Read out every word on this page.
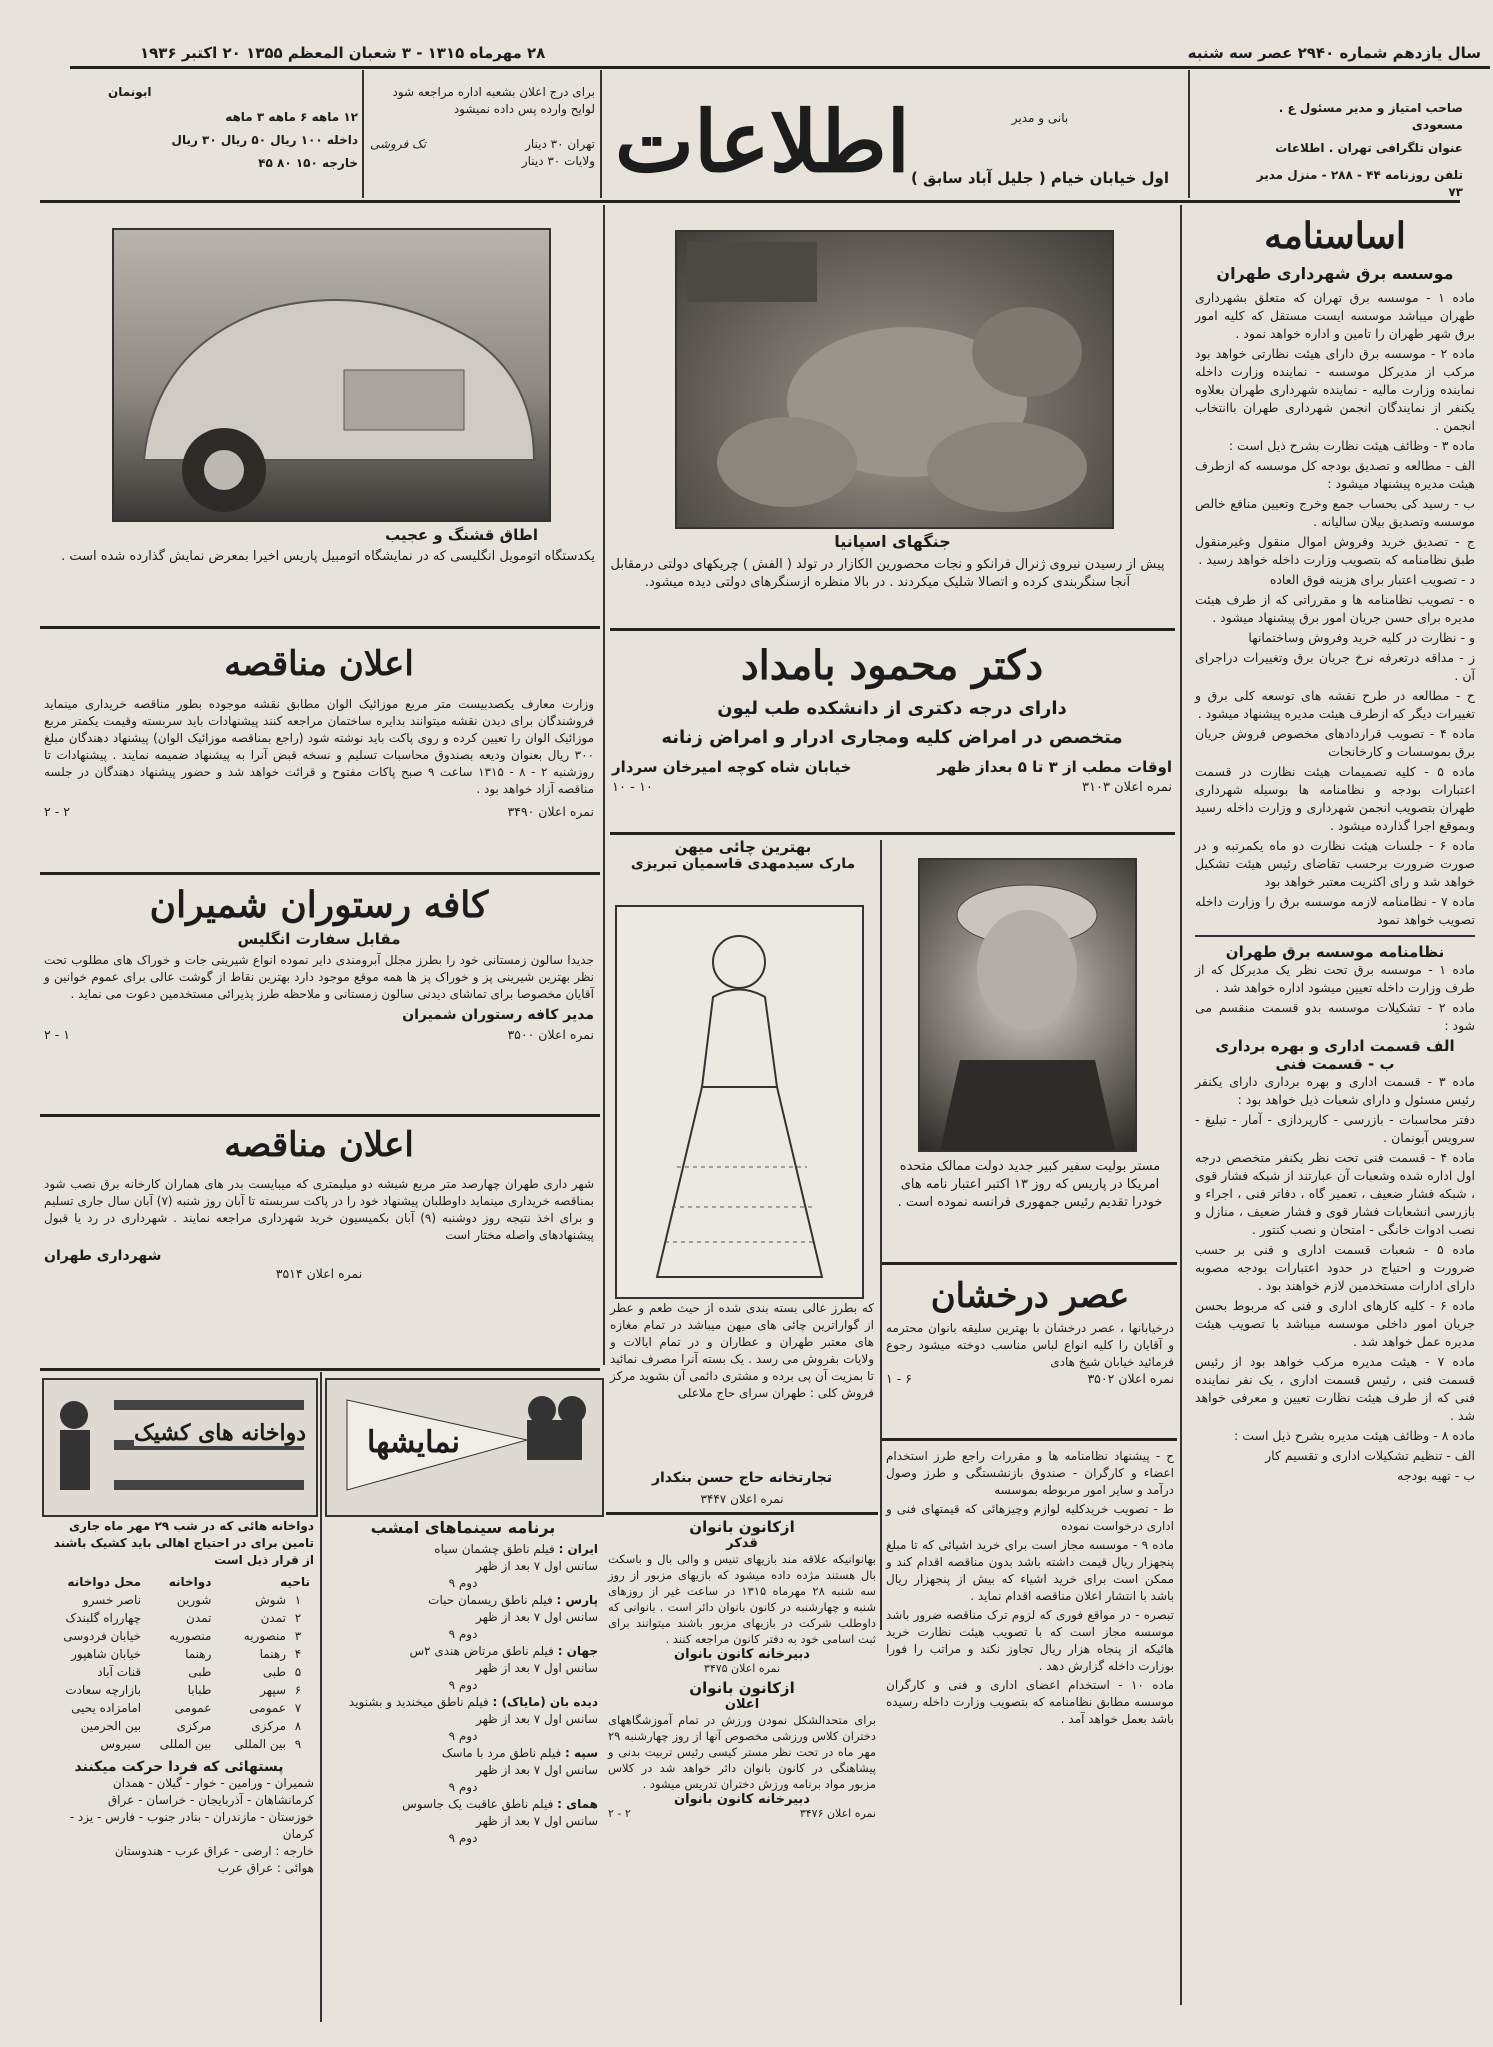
سال یازدهم شماره ۲۹۴۰ عصر سه شنبه
۲۸ مهرماه ۱۳۱۵ - ۳ شعبان المعظم ۱۳۵۵ ۲۰ اکتبر ۱۹۳۶
صاحب امتیاز و مدیر مسئول ع . مسعودی
عنوان تلگرافی تهران . اطلاعات
تلفن روزنامه ۴۴ - ۲۸۸ - منزل مدیر ۷۳
بانی و مدیر
اول خیابان خیام ( جلیل آباد سابق )
اطلاعات
برای درج اعلان بشعبه اداره مراجعه شود
لوایح وارده پس داده نمیشود
تهران ۳۰ دینار
ولایات ۳۰ دینار
تک فروشی
ابونمان
۱۲ ماهه ۶ ماهه ۳ ماهه
داخله ۱۰۰ ریال ۵۰ ریال ۳۰ ریال
خارجه ۱۵۰ ۸۰ ۴۵
اساسنامه
موسسه برق شهرداری طهران

ماده ۱ - موسسه برق تهران که متعلق بشهرداری طهران میباشد موسسه ایست مستقل که کلیه امور برق شهر طهران را تامین و اداره خواهد نمود .

ماده ۲ - موسسه برق دارای هیئت نظارتی خواهد بود مرکب از مدیرکل موسسه - نماینده وزارت داخله نماینده وزارت مالیه - نماینده شهرداری طهران بعلاوه یکنفر از نمایندگان انجمن شهرداری طهران باانتخاب انجمن .

ماده ۳ - وظائف هیئت نظارت بشرح ذیل است :

الف - مطالعه و تصدیق بودجه کل موسسه که ازطرف هیئت مدیره پیشنهاد میشود :

ب - رسید کی بحساب جمع وخرج وتعیین منافع خالص موسسه وتصدیق بیلان سالیانه .

ج - تصدیق خرید وفروش اموال منقول وغیرمنقول طبق نظامنامه که بتصویب وزارت داخله خواهد رسید .

د - تصویب اعتبار برای هزینه فوق العاده

ه - تصویب نظامنامه ها و مقرراتی که از طرف هیئت مدیره برای حسن جریان امور برق پیشنهاد میشود .

و - نظارت در کلیه خرید وفروش وساختمانها

ز - مداقه درتعرفه نرخ جریان برق وتغییرات دراجرای آن .

ح - مطالعه در طرح نقشه های توسعه کلی برق و تغییرات دیگر که ازطرف هیئت مدیره پیشنهاد میشود .

ماده ۴ - تصویب قراردادهای مخصوص فروش جریان برق بموسسات و کارخانجات

ماده ۵ - کلیه تصمیمات هیئت نظارت در قسمت اعتبارات بودجه و نظامنامه ها بوسیله شهرداری طهران بتصویب انجمن شهرداری و وزارت داخله رسید وبموقع اجرا گذارده میشود .

ماده ۶ - جلسات هیئت نظارت دو ماه یکمرتبه و در صورت ضرورت برحسب تقاضای رئیس هیئت تشکیل خواهد شد و رای اکثریت معتبر خواهد بود

ماده ۷ - نظامنامه لازمه موسسه برق را وزارت داخله تصویب خواهد نمود

نظامنامه موسسه برق طهران

ماده ۱ - موسسه برق تحت نظر یک مدیرکل که از طرف وزارت داخله تعیین میشود اداره خواهد شد .

ماده ۲ - تشکیلات موسسه بدو قسمت منقسم می شود :

الف قسمت اداری و بهره برداری
ب - قسمت فنی

ماده ۳ - قسمت اداری و بهره برداری دارای یکنفر رئیس مسئول و دارای شعبات ذیل خواهد بود :

دفتر محاسبات - بازرسی - کارپردازی - آمار - تبلیغ - سرویس آبونمان .

ماده ۴ - قسمت فنی تحت نظر یکنفر متخصص درجه اول اداره شده وشعبات آن عبارتند از شبکه فشار قوی ، شبکه فشار ضعیف ، تعمیر گاه ، دفاتر فنی ، اجراء و بازرسی انشعابات فشار قوی و فشار ضعیف ، منازل و نصب ادوات خانگی - امتحان و نصب کنتور .

ماده ۵ - شعبات قسمت اداری و فنی بر حسب ضرورت و احتیاج در حدود اعتبارات بودجه مصوبه دارای ادارات مستخدمین لازم خواهند بود .

ماده ۶ - کلیه کارهای اداری و فنی که مربوط بحسن جریان امور داخلی موسسه میباشد با تصویب هیئت مدیره عمل خواهد شد .

ماده ۷ - هیئت مدیره مرکب خواهد بود از رئیس قسمت فنی ، رئیس قسمت اداری ، یک نفر نماینده فنی که از طرف هیئت نظارت تعیین و معرفی خواهد شد .

ماده ۸ - وظائف هیئت مدیره بشرح ذیل است :

الف - تنظیم تشکیلات اداری و تقسیم کار

ب - تهیه بودجه

جنگهای اسپانیا
پیش از رسیدن نیروی ژنرال فرانکو و نجات محصورین الکازار در تولد ( الفش ) چریکهای دولتی درمقابل آنجا سنگربندی کرده و اتصالا شلیک میکردند . در بالا منظره ازسنگرهای دولتی دیده میشود.
اطاق قشنگ و عجیب
یکدستگاه اتومویل انگلیسی که در نمایشگاه اتومبیل پاریس اخیرا بمعرض نمایش گذارده شده است .
دکتر محمود بامداد
دارای درجه دکتری از دانشکده طب لیون
متخصص در امراض کلیه ومجاری ادرار و امراض زنانه
اوقات مطب از ۳ تا ۵ بعداز ظهر
خیابان شاه کوچه امیرخان سردار
نمره اعلان ۳۱۰۳
۱۰ - ۱۰
اعلان مناقصه
وزارت معارف یکصدبیست متر مربع موزائیک الوان مطابق نقشه موجوده بطور مناقصه خریداری مینماید فروشندگان برای دیدن نقشه میتوانند بدایره ساختمان مراجعه کنند پیشنهادات باید سربسته وقیمت یکمتر مربع موزائیک الوان را تعیین کرده و روی پاکت باید نوشته شود (راجع بمناقصه موزائیک الوان) پیشنهاد دهندگان مبلغ ۳۰۰ ریال بعنوان ودیعه بصندوق محاسبات تسلیم و نسخه قبض آنرا به پیشنهاد ضمیمه نمایند . پیشنهادات تا روزشنبه ۲ - ۸ - ۱۳۱۵ ساعت ۹ صبح پاکات مفتوح و قرائت خواهد شد و حضور پیشنهاد دهندگان در جلسه مناقصه آزاد خواهد بود .
نمره اعلان ۳۴۹۰
۲ - ۲
کافه رستوران شمیران
مقابل سفارت انگلیس
جدیدا سالون زمستانی خود را بطرز مجلل آبرومندی دایر نموده انواع شیرینی جات و خوراک های مطلوب تحت نظر بهترین شیرینی پز و خوراک پز ها همه موقع موجود دارد بهترین نقاط از گوشت عالی برای عموم خوانین و آقایان مخصوصا برای تماشای دیدنی سالون زمستانی و ملاحظه طرز پذیرائی مستخدمین دعوت می نماید .
مدیر کافه رستوران شمیران
نمره اعلان ۳۵۰۰
۱ - ۲
اعلان مناقصه
شهر داری طهران چهارصد متر مربع شیشه دو میلیمتری که میبایست بدر های هماران کارخانه برق نصب شود بمناقصه خریداری مینماید داوطلبان پیشنهاد خود را در پاکت سربسته تا آبان روز شنبه (۷) آبان سال جاری تسلیم و برای اخذ نتیجه روز دوشنبه (۹) آبان بکمیسیون خرید شهرداری مراجعه نمایند . شهرداری در رد یا قبول پیشنهادهای واصله مختار است
شهرداری طهران
نمره اعلان ۳۵۱۴
بهترین چائی میهن
مارک سیدمهدی قاسمیان تبریزی
که بطرز عالی بسته بندی شده از حیث طعم و عطر از گواراترین چائی های میهن میباشد در تمام مغازه های معتبر طهران و عطاران و در تمام ایالات و ولایات بفروش می رسد . یک بسته آنرا مصرف نمائید تا بمزیت آن پی برده و مشتری دائمی آن بشوید مرکز فروش کلی : طهران سرای حاج ملاعلی
تجارتخانه حاج حسن بنکدار
نمره اعلان ۳۴۴۷
مستر بولیت سفیر کبیر جدید دولت ممالک متحده امریکا در پاریس که روز ۱۳ اکتبر اعتبار نامه های خودرا تقدیم رئیس جمهوری فرانسه نموده است .
عصر درخشان
درخیابانها ، عصر درخشان با بهترین سلیقه بانوان محترمه و آقایان را کلیه انواع لباس مناسب دوخته میشود رجوع فرمائید خیابان شیخ هادی
نمره اعلان ۳۵۰۲
۶ - ۱

ح - پیشنهاد نظامنامه ها و مقررات راجع طرز استخدام اعضاء و کارگران - صندوق بازنشستگی و طرز وصول درآمد و سایر امور مربوطه بموسسه

ط - تصویب خریدکلیه لوازم وچیزهائی که قیمتهای فنی و اداری درخواست نموده

ماده ۹ - موسسه مجاز است برای خرید اشیائی که تا مبلغ پنجهزار ریال قیمت داشته باشد بدون مناقصه اقدام کند و ممکن است برای خرید اشیاء که بیش از پنجهزار ریال باشد با انتشار اعلان مناقصه اقدام نماید .

تبصره - در مواقع فوری که لزوم ترک مناقصه ضرور باشد موسسه مجاز است که با تصویب هیئت نظارت خرید هائیکه از پنجاه هزار ریال تجاوز نکند و مراتب را فورا بوزارت داخله گزارش دهد .

ماده ۱۰ - استخدام اعضای اداری و فنی و کارگران موسسه مطابق نظامنامه که بتصویب وزارت داخله رسیده باشد بعمل خواهد آمد .

ازکانون بانوان
قدکر
بهانوانیکه علاقه مند بازیهای تنیس و والی بال و باسکت بال هستند مژده داده میشود که بازیهای مزبور از روز سه شنبه ۲۸ مهرماه ۱۳۱۵ در ساعت غیر از روزهای شنبه و چهارشنبه در کانون بانوان دائر است . بانوانی که داوطلب شرکت در بازیهای مزبور باشند میتوانند برای ثبت اسامی خود به دفتر کانون مراجعه کنند .
دبیرخانه کانون بانوان
نمره اعلان ۳۴۷۵
ازکانون بانوان
اعلان
برای متحدالشکل نمودن ورزش در تمام آموزشگاههای دختران کلاس ورزشی مخصوص آنها از روز چهارشنبه ۲۹ مهر ماه در تحت نظر مستر کیسی رئیس تربیت بدنی و پیشاهنگی در کانون بانوان دائر خواهد شد در کلاس مزبور مواد برنامه ورزش دختران تدریس میشود .
دبیرخانه کانون بانوان
نمره اعلان ۳۴۷۶
۲ - ۲
نمایشها
برنامه سینماهای امشب
ایران : فیلم ناطق چشمان سیاه
سانس اول ۷ بعد از ظهر
دوم ۹
پارس : فیلم ناطق ریسمان حیات
سانس اول ۷ بعد از ظهر
دوم ۹
جهان : فیلم ناطق مرتاض هندی ۲س
سانس اول ۷ بعد از ظهر
دوم ۹
دیده بان (مایاک) : فیلم ناطق میخندید و بشنوید
سانس اول ۷ بعد از ظهر
دوم ۹
سپه : فیلم ناطق مرد با ماسک
سانس اول ۷ بعد از ظهر
دوم ۹
همای : فیلم ناطق عاقبت یک جاسوس
سانس اول ۷ بعد از ظهر
دوم ۹
دواخانه های کشیک
دواخانه هائی که در شب ۲۹ مهر ماه جاری تامین برای در احتیاج اهالی باید کشیک باشند از قرار ذیل است
ناحیه	دواخانه	محل دواخانه
۱شوش	شورین	ناصر خسرو
۲تمدن	تمدن	چهارراه گلبندک
۳منصوریه	منصوریه	خیابان فردوسی
۴رهنما	رهنما	خیابان شاهپور
۵طبی	طبی	قنات آباد
۶سپهر	طبابا	بازارچه سعادت
۷عمومی	عمومی	امامزاده یحیی
۸مرکزی	مرکزی	بین الحرمین
۹بین المللی	بین المللی	سیروس
پستهائی که فردا حرکت میکنند
شمیران - ورامین - خوار - گیلان - همدان
کرمانشاهان - آذربایجان - خراسان - عراق
خوزستان - مازندران - بنادر جنوب - فارس - یزد - کرمان
خارجه : ارضی - عراق عرب - هندوستان
هوائی : عراق عرب
